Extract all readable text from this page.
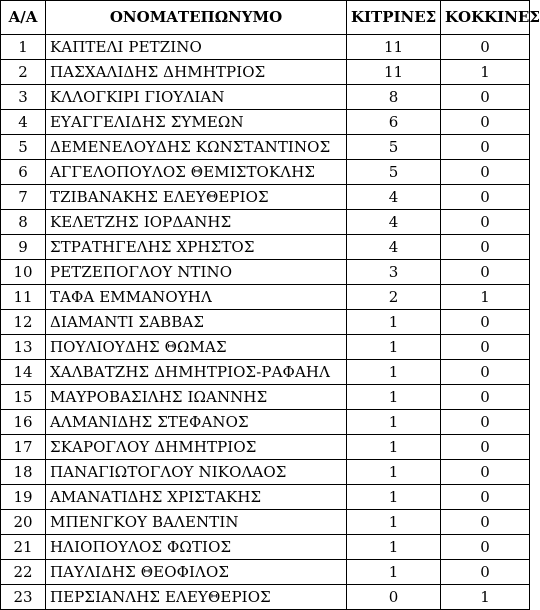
Α/Α	ΟΝΟΜΑΤΕΠΩΝΥΜΟ	ΚΙΤΡΙΝΕΣ	ΚΟΚΚΙΝΕΣ
1	ΚΑΠΤΕΛΙ ΡΕΤΖΙΝΟ	11	0
2	ΠΑΣΧΑΛΙΔΗΣ ΔΗΜΗΤΡΙΟΣ	11	1
3	ΚΛΛΟΓΚΙΡΙ ΓΙΟΥΛΙΑΝ	8	0
4	ΕΥΑΓΓΕΛΙΔΗΣ ΣΥΜΕΩΝ	6	0
5	ΔΕΜΕΝΕΛΟΥΔΗΣ ΚΩΝΣΤΑΝΤΙΝΟΣ	5	0
6	ΑΓΓΕΛΟΠΟΥΛΟΣ ΘΕΜΙΣΤΟΚΛΗΣ	5	0
7	ΤΖΙΒΑΝΑΚΗΣ ΕΛΕΥΘΕΡΙΟΣ	4	0
8	ΚΕΛΕΤΖΗΣ ΙΟΡΔΑΝΗΣ	4	0
9	ΣΤΡΑΤΗΓΕΛΗΣ ΧΡΗΣΤΟΣ	4	0
10	ΡΕΤΖΕΠΟΓΛΟΥ ΝΤΙΝΟ	3	0
11	ΤΑΦΑ ΕΜΜΑΝΟΥΗΛ	2	1
12	ΔΙΑΜΑΝΤΙ ΣΑΒΒΑΣ	1	0
13	ΠΟΥΛΙΟΥΔΗΣ ΘΩΜΑΣ	1	0
14	ΧΑΛΒΑΤΖΗΣ ΔΗΜΗΤΡΙΟΣ-ΡΑΦΑΗΛ	1	0
15	ΜΑΥΡΟΒΑΣΙΛΗΣ ΙΩΑΝΝΗΣ	1	0
16	ΑΛΜΑΝΙΔΗΣ ΣΤΕΦΑΝΟΣ	1	0
17	ΣΚΑΡΟΓΛΟΥ ΔΗΜΗΤΡΙΟΣ	1	0
18	ΠΑΝΑΓΙΩΤΟΓΛΟΥ ΝΙΚΟΛΑΟΣ	1	0
19	ΑΜΑΝΑΤΙΔΗΣ ΧΡΙΣΤΑΚΗΣ	1	0
20	ΜΠΕΝΓΚΟΥ ΒΑΛΕΝΤΙΝ	1	0
21	ΗΛΙΟΠΟΥΛΟΣ ΦΩΤΙΟΣ	1	0
22	ΠΑΥΛΙΔΗΣ ΘΕΟΦΙΛΟΣ	1	0
23	ΠΕΡΣΙΑΝΛΗΣ ΕΛΕΥΘΕΡΙΟΣ	0	1
